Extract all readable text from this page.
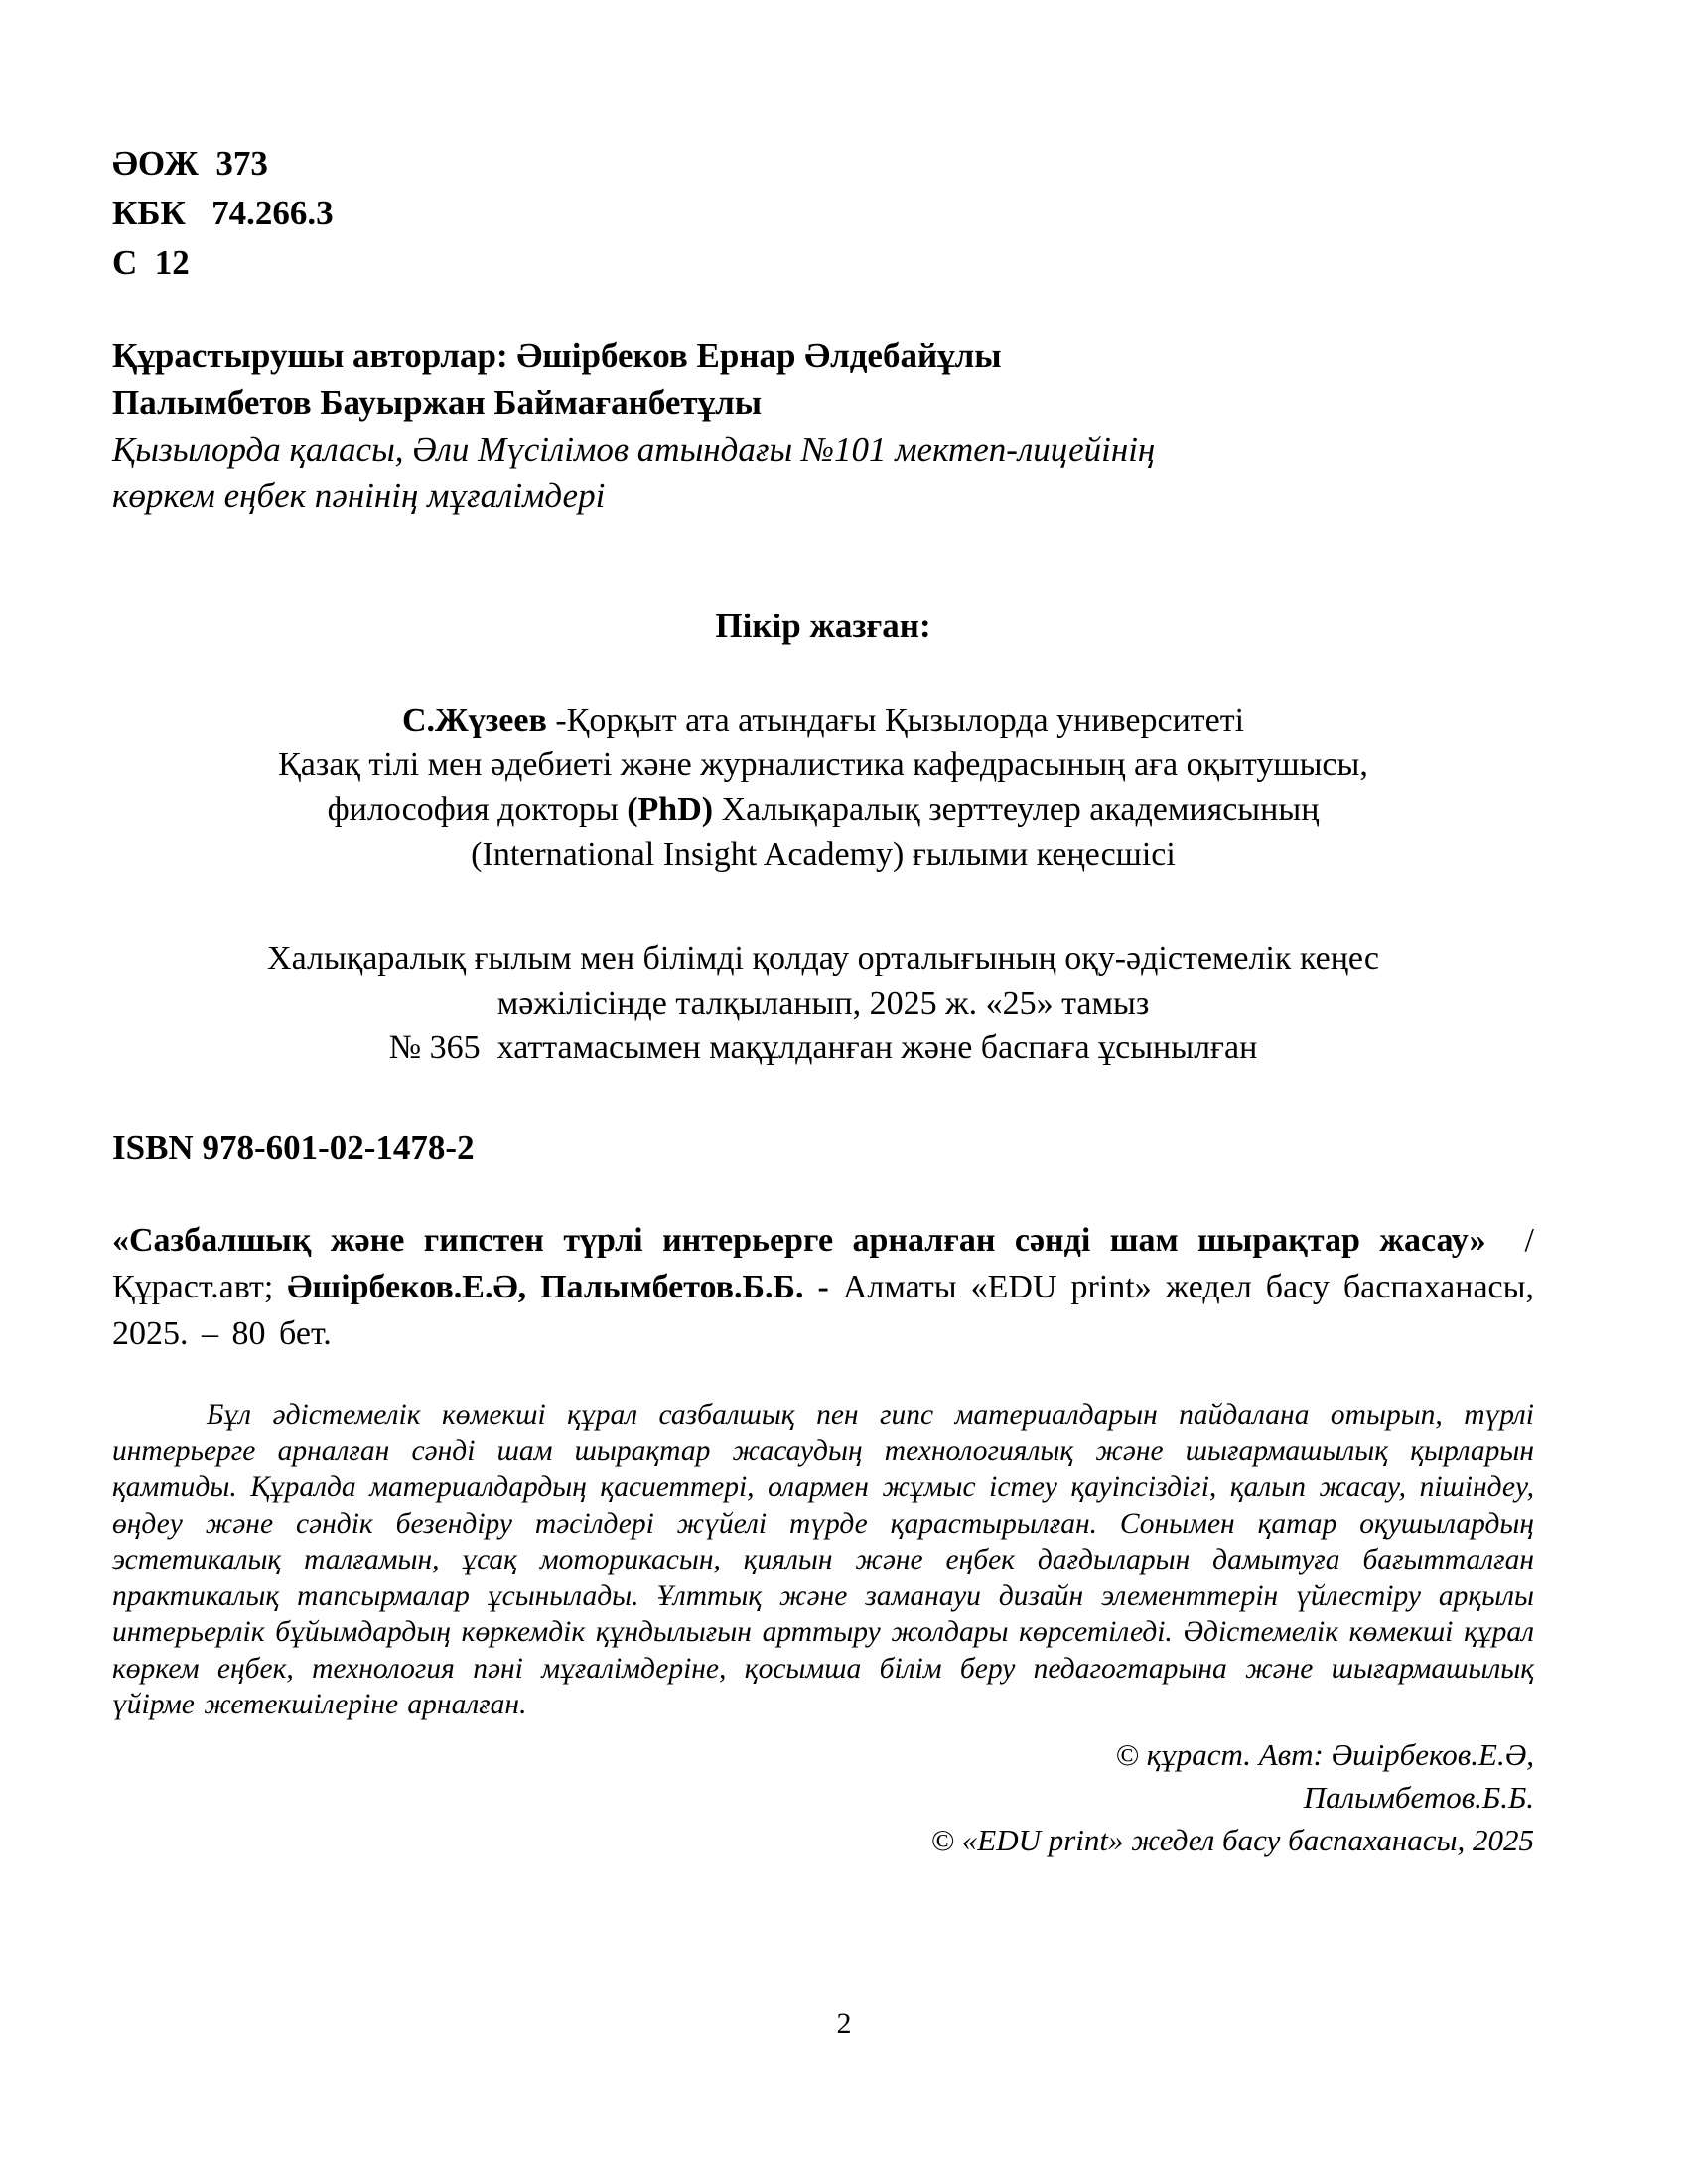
ӘОЖ  373
КБК   74.266.3
С  12
Құрастырушы авторлар: Әшірбеков Ернар Әлдебайұлы
Палымбетов Бауыржан Баймағанбетұлы
Қызылорда қаласы, Әли Мүсілімов атындағы №101 мектеп-лицейінің көркем еңбек пәнінің мұғалімдері
Пікір жазған:
С.Жүзеев -Қорқыт ата атындағы Қызылорда университеті
Қазақ тілі мен әдебиеті және журналистика кафедрасының аға оқытушысы,
философия докторы (PhD) Халықаралық зерттеулер академиясының
(International Insight Academy) ғылыми кеңесшісі
Халықаралық ғылым мен білімді қолдау орталығының оқу-әдістемелік кеңес
мәжілісінде талқыланып, 2025 ж. «25» тамыз
№ 365  хаттамасымен мақұлданған және баспаға ұсынылған
ISBN 978-601-02-1478-2
«Сазбалшық және гипстен түрлі интерьерге арналған сәнді шам шырақтар жасау»  / Құраст.авт; Әшірбеков.Е.Ә, Палымбетов.Б.Б. - Алматы «EDU print» жедел басу баспаханасы, 2025. – 80 бет.
Бұл әдістемелік көмекші құрал сазбалшық пен гипс материалдарын пайдалана отырып, түрлі интерьерге арналған сәнді шам шырақтар жасаудың технологиялық және шығармашылық қырларын қамтиды. Құралда материалдардың қасиеттері, олармен жұмыс істеу қауіпсіздігі, қалып жасау, пішіндеу, өңдеу және сәндік безендіру тәсілдері жүйелі түрде қарастырылған. Сонымен қатар оқушылардың эстетикалық талғамын, ұсақ моторикасын, қиялын және еңбек дағдыларын дамытуға бағытталған практикалық тапсырмалар ұсынылады. Ұлттық және заманауи дизайн элементтерін үйлестіру арқылы интерьерлік бұйымдардың көркемдік құндылығын арттыру жолдары көрсетіледі. Әдістемелік көмекші құрал көркем еңбек, технология пәні мұғалімдеріне, қосымша білім беру педагогтарына және шығармашылық үйірме жетекшілеріне арналған.
© құраст. Авт: Әшірбеков.Е.Ә,
Палымбетов.Б.Б.
© «EDU print» жедел басу баспаханасы, 2025
2
